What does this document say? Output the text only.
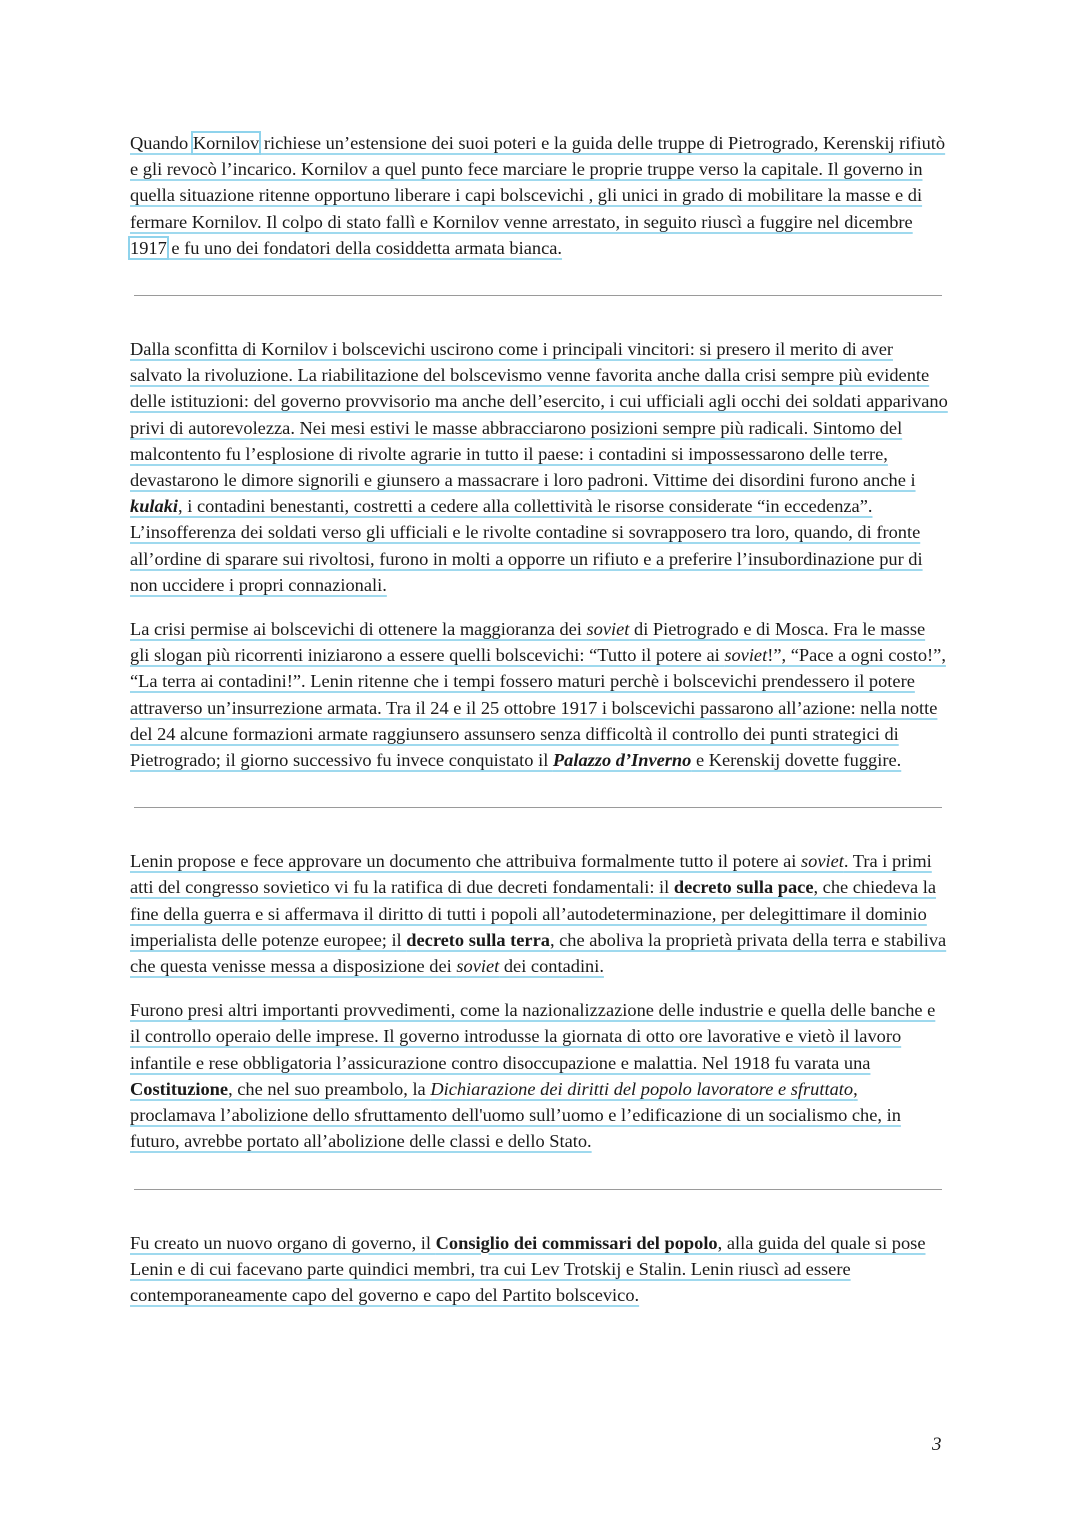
Quando Kornilov richiese un’estensione dei suoi poteri e la guida delle truppe di Pietrogrado, Kerenskij rifiutò e gli revocò l’incarico. Kornilov a quel punto fece marciare le proprie truppe verso la capitale. Il governo in quella situazione ritenne opportuno liberare i capi bolscevichi , gli unici in grado di mobilitare la masse e di fermare Kornilov. Il colpo di stato fallì e Kornilov venne arrestato, in seguito riuscì a fuggire nel dicembre 1917 e fu uno dei fondatori della cosiddetta armata bianca.

Dalla sconfitta di Kornilov i bolscevichi uscirono come i principali vincitori: si presero il merito di aver salvato la rivoluzione. La riabilitazione del bolscevismo venne favorita anche dalla crisi sempre più evidente delle istituzioni: del governo provvisorio ma anche dell’esercito, i cui ufficiali agli occhi dei soldati apparivano privi di autorevolezza. Nei mesi estivi le masse abbracciarono posizioni sempre più radicali. Sintomo del malcontento fu l’esplosione di rivolte agrarie in tutto il paese: i contadini si impossessarono delle terre, devastarono le dimore signorili e giunsero a massacrare i loro padroni. Vittime dei disordini furono anche i kulaki, i contadini benestanti, costretti a cedere alla collettività le risorse considerate “in eccedenza”. L’insofferenza dei soldati verso gli ufficiali e le rivolte contadine si sovrapposero tra loro, quando, di fronte all’ordine di sparare sui rivoltosi, furono in molti a opporre un rifiuto e a preferire l’insubordinazione pur di non uccidere i propri connazionali.

La crisi permise ai bolscevichi di ottenere la maggioranza dei soviet di Pietrogrado e di Mosca. Fra le masse gli slogan più ricorrenti iniziarono a essere quelli bolscevichi: “Tutto il potere ai soviet!”, “Pace a ogni costo!”, “La terra ai contadini!”. Lenin ritenne che i tempi fossero maturi perchè i bolscevichi prendessero il potere attraverso un’insurrezione armata. Tra il 24 e il 25 ottobre 1917 i bolscevichi passarono all’azione: nella notte del 24 alcune formazioni armate raggiunsero assunsero senza difficoltà il controllo dei punti strategici di Pietrogrado; il giorno successivo fu invece conquistato il Palazzo d’Inverno e Kerenskij dovette fuggire.

Lenin propose e fece approvare un documento che attribuiva formalmente tutto il potere ai soviet. Tra i primi atti del congresso sovietico vi fu la ratifica di due decreti fondamentali: il decreto sulla pace, che chiedeva la fine della guerra e si affermava il diritto di tutti i popoli all’autodeterminazione, per delegittimare il dominio imperialista delle potenze europee; il decreto sulla terra, che aboliva la proprietà privata della terra e stabiliva che questa venisse messa a disposizione dei soviet dei contadini.

Furono presi altri importanti provvedimenti, come la nazionalizzazione delle industrie e quella delle banche e il controllo operaio delle imprese. Il governo introdusse la giornata di otto ore lavorative e vietò il lavoro infantile e rese obbligatoria l’assicurazione contro disoccupazione e malattia. Nel 1918 fu varata una Costituzione, che nel suo preambolo, la Dichiarazione dei diritti del popolo lavoratore e sfruttato, proclamava l’abolizione dello sfruttamento dell'uomo sull’uomo e l’edificazione di un socialismo che, in futuro, avrebbe portato all’abolizione delle classi e dello Stato.

Fu creato un nuovo organo di governo, il Consiglio dei commissari del popolo, alla guida del quale si pose Lenin e di cui facevano parte quindici membri, tra cui Lev Trotskij e Stalin. Lenin riuscì ad essere contemporaneamente capo del governo e capo del Partito bolscevico.

3
